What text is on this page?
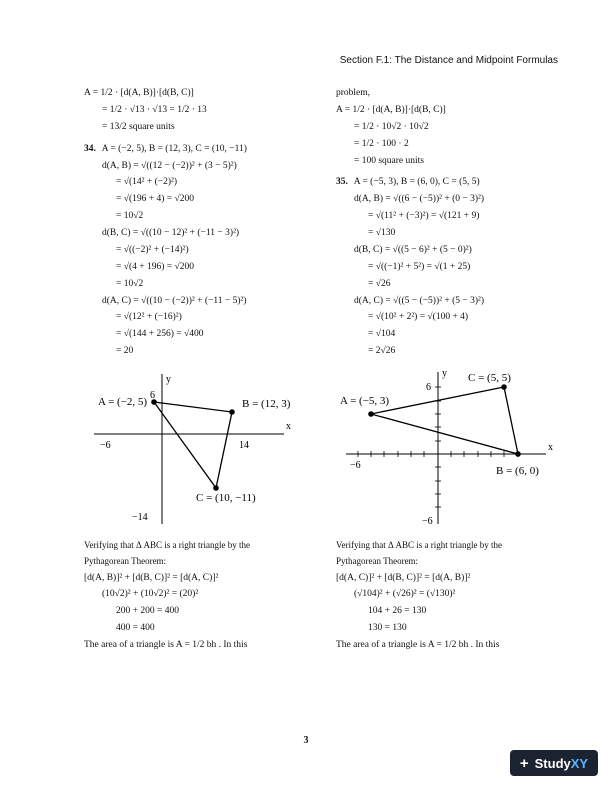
Section F.1: The Distance and Midpoint Formulas
A = 1/2 · [d(A, B)]·[d(B, C)]
= 1/2 · √13 · √13 = 1/2 · 13
= 13/2 square units
34. A = (−2, 5), B = (12, 3), C = (10, −11)
d(A, B) = √((12 − (−2))² + (3 − 5)²)
= √(14² + (−2)²)
= √(196 + 4) = √200
= 10√2
d(B, C) = √((10 − 12)² + (−11 − 3)²)
= √((−2)² + (−14)²)
= √(4 + 196) = √200
= 10√2
d(A, C) = √((10 − (−2))² + (−11 − 5)²)
= √(12² + (−16)²)
= √(144 + 256) = √400
= 20
A = (−2, 5)	B = (12, 3)
C = (10, −11)
y
x
6
−14
−6	14
Verifying that Δ ABC is a right triangle by the
Pythagorean Theorem:
[d(A, B)]² + [d(B, C)]² = [d(A, C)]²
(10√2)² + (10√2)² = (20)²
200 + 200 = 400
400 = 400
The area of a triangle is A = 1/2 bh . In this
problem,
A = 1/2 · [d(A, B)]·[d(B, C)]
= 1/2 · 10√2 · 10√2
= 1/2 · 100 · 2
= 100 square units
35. A = (−5, 3), B = (6, 0), C = (5, 5)
d(A, B) = √((6 − (−5))² + (0 − 3)²)
= √(11² + (−3)²) = √(121 + 9)
= √130
d(B, C) = √((5 − 6)² + (5 − 0)²)
= √((−1)² + 5²) = √(1 + 25)
= √26
d(A, C) = √((5 − (−5))² + (5 − 3)²)
= √(10² + 2²) = √(100 + 4)
= √104
= 2√26
A = (−5, 3)
C = (5, 5)
B = (6, 0)
y
x
6
−6
−6
Verifying that Δ ABC is a right triangle by the
Pythagorean Theorem:
[d(A, C)]² + [d(B, C)]² = [d(A, B)]²
(√104)² + (√26)² = (√130)²
104 + 26 = 130
130 = 130
The area of a triangle is A = 1/2 bh . In this
3
+ StudyXY
